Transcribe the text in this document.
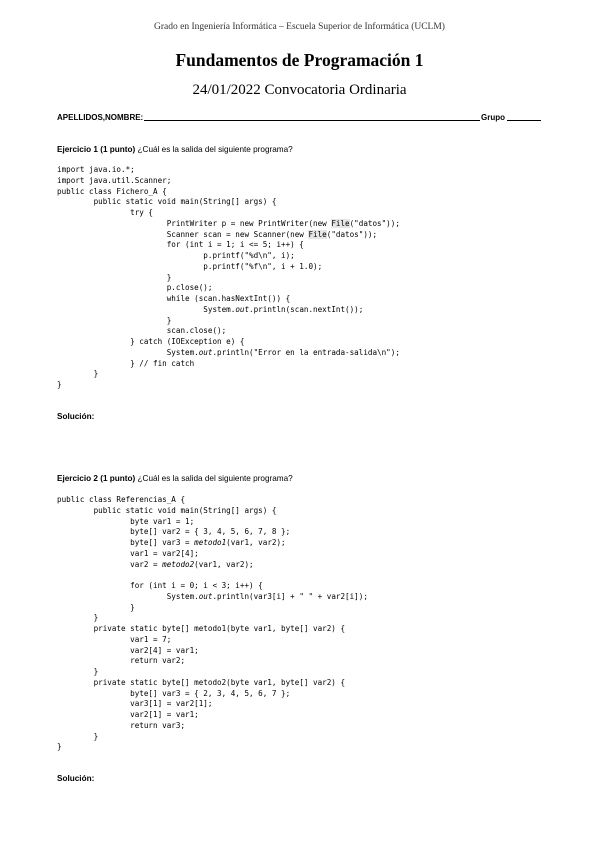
Grado en Ingeniería Informática – Escuela Superior de Informática (UCLM)
Fundamentos de Programación 1
24/01/2022 Convocatoria Ordinaria
APELLIDOS,NOMBRE:	Grupo
Ejercicio 1 (1 punto) ¿Cuál es la salida del siguiente programa?
import java.io.*;
import java.util.Scanner;
public class Fichero_A {
public static void main(String[] args) {
try {
PrintWriter p = new PrintWriter(new File("datos"));
Scanner scan = new Scanner(new File("datos"));
for (int i = 1; i <= 5; i++) {
p.printf("%d\n", i);
p.printf("%f\n", i + 1.0);
}
p.close();
while (scan.hasNextInt()) {
System.out.println(scan.nextInt());
}
scan.close();
} catch (IOException e) {
System.out.println("Error en la entrada-salida\n");
} // fin catch
}
}

Solución:
Ejercicio 2 (1 punto) ¿Cuál es la salida del siguiente programa?
public class Referencias_A {
public static void main(String[] args) {
byte var1 = 1;
byte[] var2 = { 3, 4, 5, 6, 7, 8 };
byte[] var3 = metodo1(var1, var2);
var1 = var2[4];
var2 = metodo2(var1, var2);

for (int i = 0; i < 3; i++) {
System.out.println(var3[i] + " " + var2[i]);
}
}
private static byte[] metodo1(byte var1, byte[] var2) {
var1 = 7;
var2[4] = var1;
return var2;
}
private static byte[] metodo2(byte var1, byte[] var2) {
byte[] var3 = { 2, 3, 4, 5, 6, 7 };
var3[1] = var2[1];
var2[1] = var1;
return var3;
}
}

Solución:
